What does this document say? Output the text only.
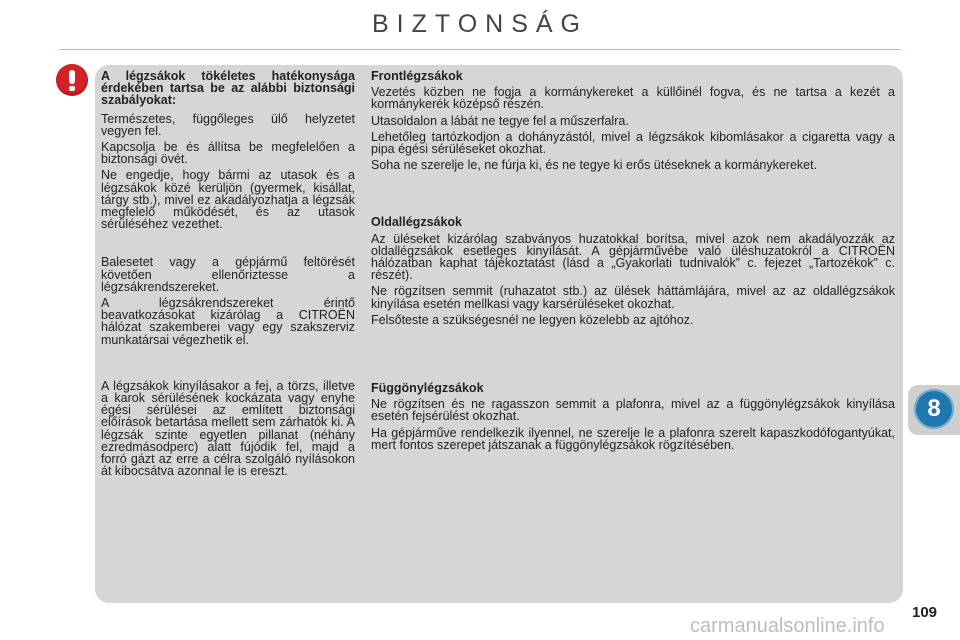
BIZTONSÁG

A légzsákok tökéletes hatékonysága érdekében tartsa be az alábbi biztonsági szabályokat:

Természetes, függőleges ülő helyzetet vegyen fel.

Kapcsolja be és állítsa be megfelelően a biztonsági övét.

Ne engedje, hogy bármi az utasok és a légzsákok közé kerüljön (gyermek, kisállat, tárgy stb.), mivel ez akadályozhatja a légzsák megfelelő működését, és az utasok sérüléséhez vezethet.

Balesetet vagy a gépjármű feltörését követően ellenőriztesse a légzsákrendszereket.

A légzsákrendszereket érintő beavatkozásokat kizárólag a CITROËN hálózat szakemberei vagy egy szakszerviz munkatársai végezhetik el.

A légzsákok kinyílásakor a fej, a törzs, illetve a karok sérülésének kockázata vagy enyhe égési sérülései az említett biztonsági előírások betartása mellett sem zárhatók ki. A légzsák szinte egyetlen pillanat (néhány ezredmásodperc) alatt fújódik fel, majd a forró gázt az erre a célra szolgáló nyílásokon át kibocsátva azonnal le is ereszt.

Frontlégzsákok

Vezetés közben ne fogja a kormánykereket a küllőinél fogva, és ne tartsa a kezét a kormánykerék középső részén.

Utasoldalon a lábát ne tegye fel a műszerfalra.

Lehetőleg tartózkodjon a dohányzástól, mivel a légzsákok kibomlásakor a cigaretta vagy a pipa égési sérüléseket okozhat.

Soha ne szerelje le, ne fúrja ki, és ne tegye ki erős ütéseknek a kormánykereket.

Oldallégzsákok

Az üléseket kizárólag szabványos huzatokkal borítsa, mivel azok nem akadályozzák az oldallégzsákok esetleges kinyílását. A gépjárművébe való üléshuzatokról a CITROËN hálózatban kaphat tájékoztatást (lásd a „Gyakorlati tudnivalók” c. fejezet „Tartozékok” c. részét).

Ne rögzítsen semmit (ruhazatot stb.) az ülések háttámlájára, mivel az az oldallégzsákok kinyílása esetén mellkasi vagy karsérüléseket okozhat.

Felsőteste a szükségesnél ne legyen közelebb az ajtóhoz.

Függönylégzsákok

Ne rögzítsen és ne ragasszon semmit a plafonra, mivel az a függönylégzsákok kinyílása esetén fejsérülést okozhat.

Ha gépjárműve rendelkezik ilyennel, ne szerelje le a plafonra szerelt kapaszkodófogantyúkat, mert fontos szerepet játszanak a függönylégzsákok rögzítésében.

8
109
carmanualsonline.info
